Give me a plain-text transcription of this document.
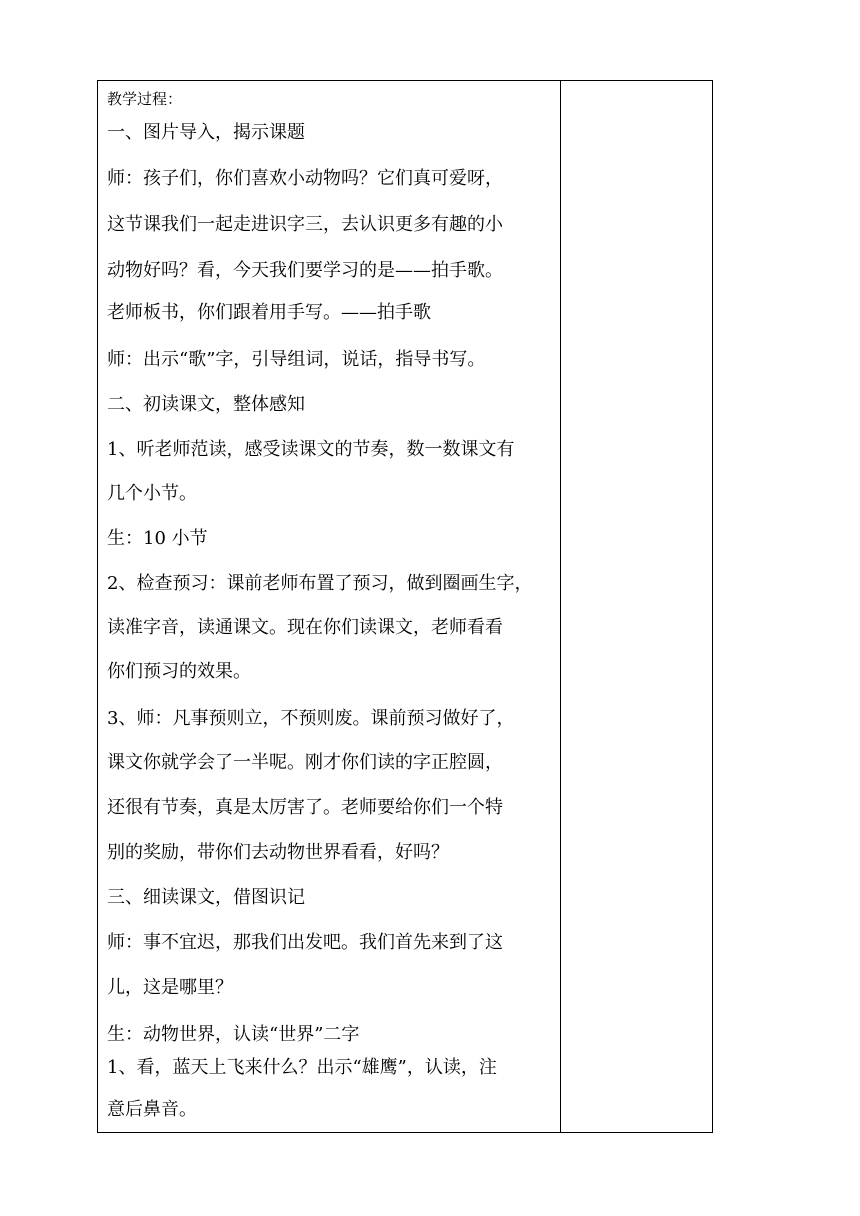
教学过程：
一、图片导入，揭示课题
师：孩子们，你们喜欢小动物吗？它们真可爱呀，
这节课我们一起走进识字三，去认识更多有趣的小
动物好吗？看，今天我们要学习的是——拍手歌。
老师板书，你们跟着用手写。——拍手歌
师：出示“歌”字，引导组词，说话，指导书写。
二、初读课文，整体感知
1、听老师范读，感受读课文的节奏，数一数课文有
几个小节。
生：10 小节
2、检查预习：课前老师布置了预习，做到圈画生字，
读准字音，读通课文。现在你们读课文，老师看看
你们预习的效果。
3、师：凡事预则立，不预则废。课前预习做好了，
课文你就学会了一半呢。刚才你们读的字正腔圆，
还很有节奏，真是太厉害了。老师要给你们一个特
别的奖励，带你们去动物世界看看，好吗？
三、细读课文，借图识记
师：事不宜迟，那我们出发吧。我们首先来到了这
儿，这是哪里？
生：动物世界，认读“世界”二字
1、看，蓝天上飞来什么？出示“雄鹰”，认读，注
意后鼻音。
